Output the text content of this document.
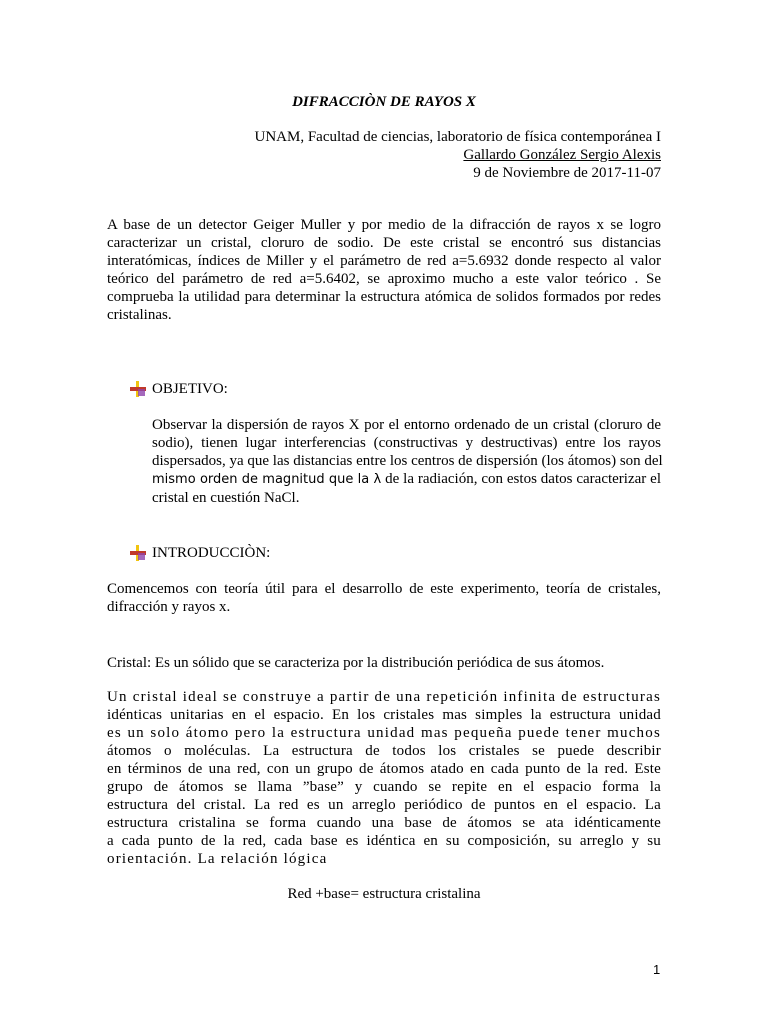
DIFRACCIÒN DE RAYOS X
UNAM, Facultad de ciencias, laboratorio de física contemporánea I
Gallardo González Sergio Alexis
9 de Noviembre de 2017-11-07
A base de un detector Geiger Muller y por medio de la difracción de rayos x se logro
caracterizar un cristal, cloruro de sodio. De este cristal se encontró sus distancias
interatómicas, índices de Miller y el parámetro de red a=5.6932 donde respecto al valor
teórico del parámetro de red a=5.6402, se aproximo mucho a este valor teórico . Se
comprueba la utilidad para determinar la estructura atómica de solidos formados por redes
cristalinas.
OBJETIVO:
Observar la dispersión de rayos X por el entorno ordenado de un cristal (cloruro de
sodio), tienen lugar interferencias (constructivas y destructivas) entre los rayos
dispersados, ya que las distancias entre los centros de dispersión (los átomos) son del
mismo orden de magnitud que la λ de la radiación, con estos datos caracterizar el
cristal en cuestión NaCl.
INTRODUCCIÒN:
Comencemos con teoría útil para el desarrollo de este experimento, teoría de cristales,
difracción y rayos x.
Cristal: Es un sólido que se caracteriza por la distribución periódica de sus átomos.
Un cristal ideal se construye a partir de una repetición infinita de estructuras
idénticas unitarias en el espacio. En los cristales mas simples la estructura unidad
es un solo átomo pero la estructura unidad mas pequeña puede tener muchos
átomos o moléculas. La estructura de todos los cristales se puede describir
en términos de una red, con un grupo de átomos atado en cada punto de la red. Este
grupo de átomos se llama ”base” y cuando se repite en el espacio forma la
estructura del cristal. La red es un arreglo periódico de puntos en el espacio. La
estructura cristalina se forma cuando una base de átomos se ata idénticamente
a cada punto de la red, cada base es idéntica en su composición, su arreglo y su
orientación. La relación lógica
Red +base= estructura cristalina
1
